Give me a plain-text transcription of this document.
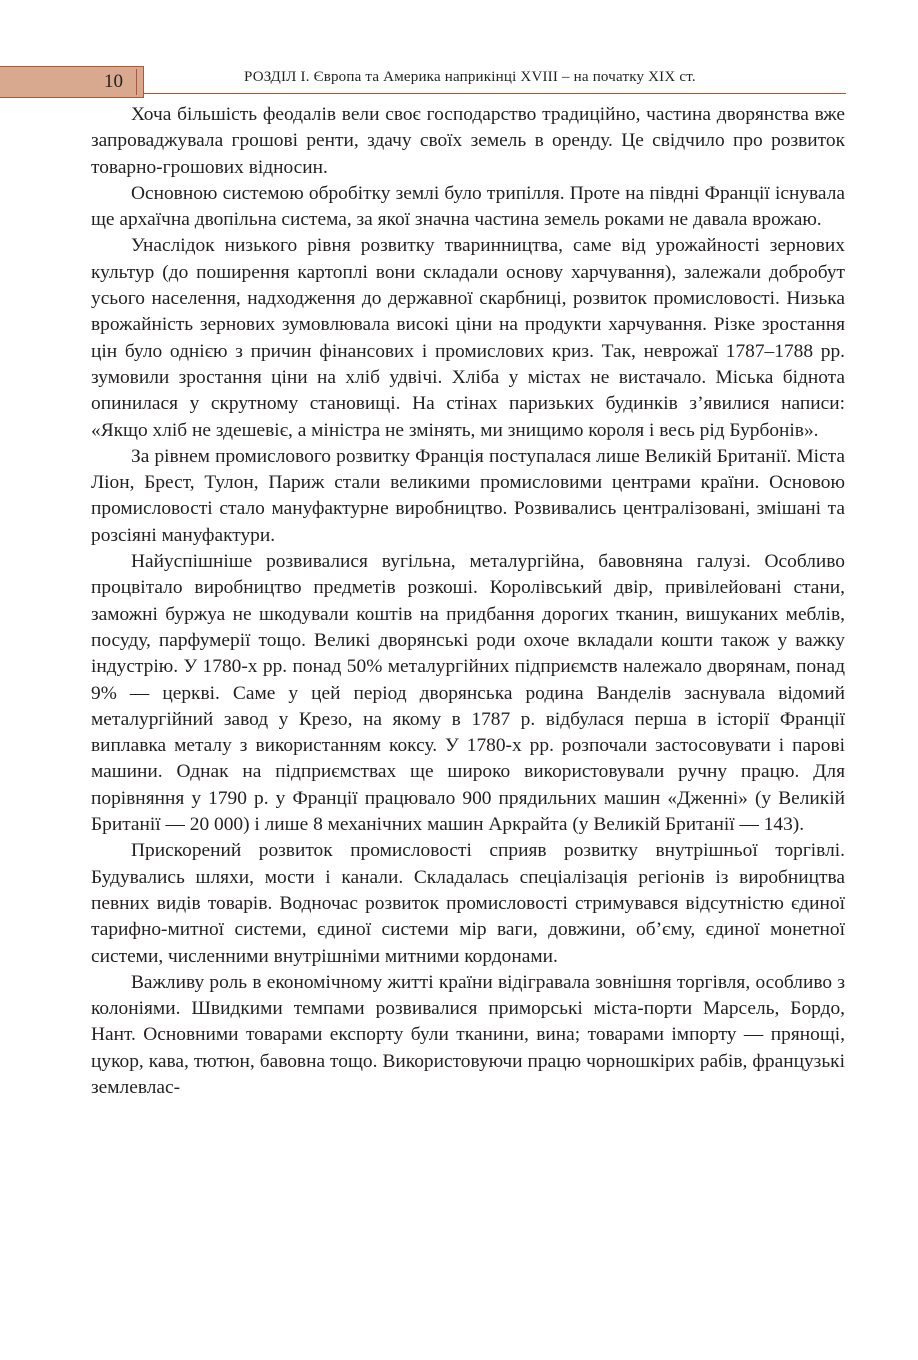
10	РОЗДІЛ І. Європа та Америка наприкінці XVIII – на початку XIX ст.

Хоча більшість феодалів вели своє господарство традиційно, частина дворянства вже запроваджувала грошові ренти, здачу своїх земель в оренду. Це свідчило про розвиток товарно-грошових відносин.

Основною системою обробітку землі було трипілля. Проте на півдні Франції існувала ще архаїчна двопільна система, за якої значна частина земель роками не давала врожаю.

Унаслідок низького рівня розвитку тваринництва, саме від урожайності зернових культур (до поширення картоплі вони складали основу харчування), залежали добробут усього населення, надходження до державної скарбниці, розвиток промисловості. Низька врожайність зернових зумовлювала високі ціни на продукти харчування. Різке зростання цін було однією з причин фінансових і промислових криз. Так, неврожаї 1787–1788 рр. зумовили зростання ціни на хліб удвічі. Хліба у містах не вистачало. Міська біднота опинилася у скрутному становищі. На стінах паризьких будинків з’явилися написи: «Якщо хліб не здешевіє, а міністра не змінять, ми знищимо короля і весь рід Бурбонів».

За рівнем промислового розвитку Франція поступалася лише Великій Британії. Міста Ліон, Брест, Тулон, Париж стали великими промисловими центрами країни. Основою промисловості стало мануфактурне виробництво. Розвивались централізовані, змішані та розсіяні мануфактури.

Найуспішніше розвивалися вугільна, металургійна, бавовняна галузі. Особливо процвітало виробництво предметів розкоші. Королівський двір, привілейовані стани, заможні буржуа не шкодували коштів на придбання дорогих тканин, вишуканих меблів, посуду, парфумерії тощо. Великі дворянські роди охоче вкладали кошти також у важку індустрію. У 1780-х рр. понад 50% металургійних підприємств належало дворянам, понад 9% — церкві. Саме у цей період дворянська родина Ванделів заснувала відомий металургійний завод у Крезо, на якому в 1787 р. відбулася перша в історії Франції виплавка металу з використанням коксу. У 1780-х рр. розпочали застосовувати і парові машини. Однак на підприємствах ще широко використовували ручну працю. Для порівняння у 1790 р. у Франції працювало 900 прядильних машин «Дженні» (у Великій Британії — 20 000) і лише 8 механічних машин Аркрайта (у Великій Британії — 143).

Прискорений розвиток промисловості сприяв розвитку внутрішньої торгівлі. Будувались шляхи, мости і канали. Складалась спеціалізація регіонів із виробництва певних видів товарів. Водночас розвиток промисловості стримувався відсутністю єдиної тарифно-митної системи, єдиної системи мір ваги, довжини, об’єму, єдиної монетної системи, численними внутрішніми митними кордонами.

Важливу роль в економічному житті країни відігравала зовнішня торгівля, особливо з колоніями. Швидкими темпами розвивалися приморські міста-порти Марсель, Бордо, Нант. Основними товарами експорту були тканини, вина; товарами імпорту — прянощі, цукор, кава, тютюн, бавовна тощо. Використовуючи працю чорношкірих рабів, французькі землевлас-
